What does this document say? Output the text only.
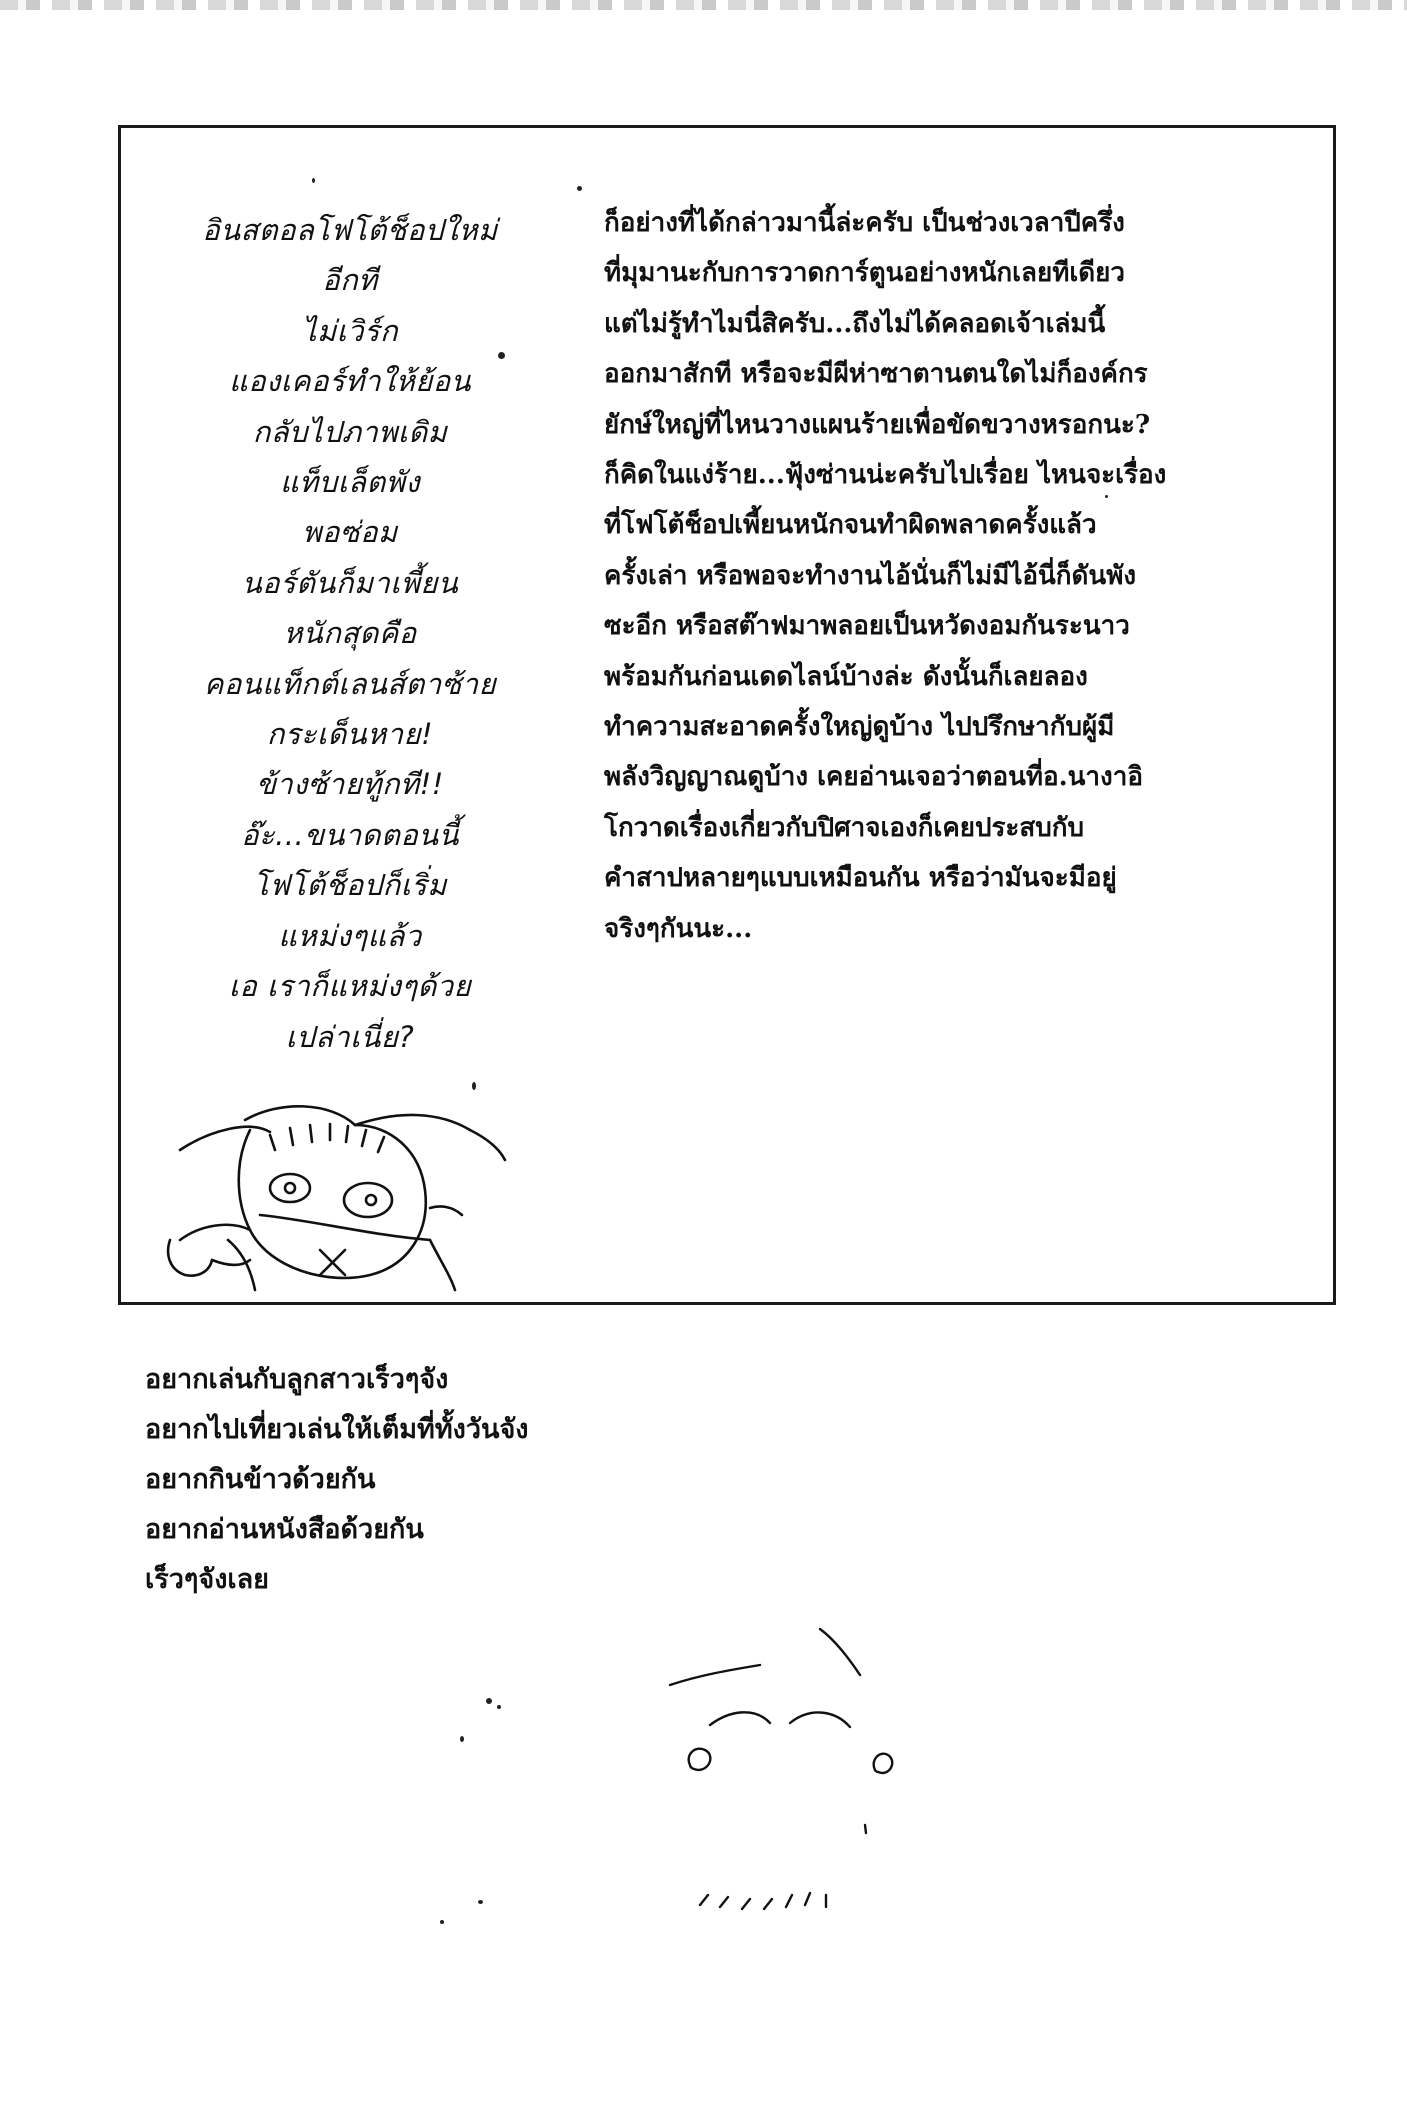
อินสตอลโฟโต้ช็อปใหม่
อีกที
ไม่เวิร์ก
แองเคอร์ทำให้ย้อน
กลับไปภาพเดิม
แท็บเล็ตพัง
พอซ่อม
นอร์ตันก็มาเพี้ยน
หนักสุดคือ
คอนแท็กต์เลนส์ตาซ้าย
กระเด็นหาย!
ข้างซ้ายทู้กที!!
อ๊ะ...ขนาดตอนนี้
โฟโต้ช็อปก็เริ่ม
แหม่งๆแล้ว
เอ เราก็แหม่งๆด้วย
เปล่าเนี่ย?
ก็อย่างที่ได้กล่าวมานี้ล่ะครับ เป็นช่วงเวลาปีครึ่ง
ที่มุมานะกับการวาดการ์ตูนอย่างหนักเลยทีเดียว
แต่ไม่รู้ทำไมนี่สิครับ...ถึงไม่ได้คลอดเจ้าเล่มนี้
ออกมาสักที หรือจะมีผีห่าซาตานตนใดไม่ก็องค์กร
ยักษ์ใหญ่ที่ไหนวางแผนร้ายเพื่อขัดขวางหรอกนะ?
ก็คิดในแง่ร้าย...ฟุ้งซ่านน่ะครับไปเรื่อย ไหนจะเรื่อง
ที่โฟโต้ช็อปเพี้ยนหนักจนทำผิดพลาดครั้งแล้ว
ครั้งเล่า หรือพอจะทำงานไอ้นั่นก็ไม่มีไอ้นี่ก็ดันพัง
ซะอีก หรือสต๊าฟมาพลอยเป็นหวัดงอมกันระนาว
พร้อมกันก่อนเดดไลน์บ้างล่ะ ดังนั้นก็เลยลอง
ทำความสะอาดครั้งใหญ่ดูบ้าง ไปปรึกษากับผู้มี
พลังวิญญาณดูบ้าง เคยอ่านเจอว่าตอนที่อ.นางาอิ
โกวาดเรื่องเกี่ยวกับปิศาจเองก็เคยประสบกับ
คำสาปหลายๆแบบเหมือนกัน หรือว่ามันจะมีอยู่
จริงๆกันนะ...
อยากเล่นกับลูกสาวเร็วๆจัง
อยากไปเที่ยวเล่นให้เต็มที่ทั้งวันจัง
อยากกินข้าวด้วยกัน
อยากอ่านหนังสือด้วยกัน
เร็วๆจังเลย
